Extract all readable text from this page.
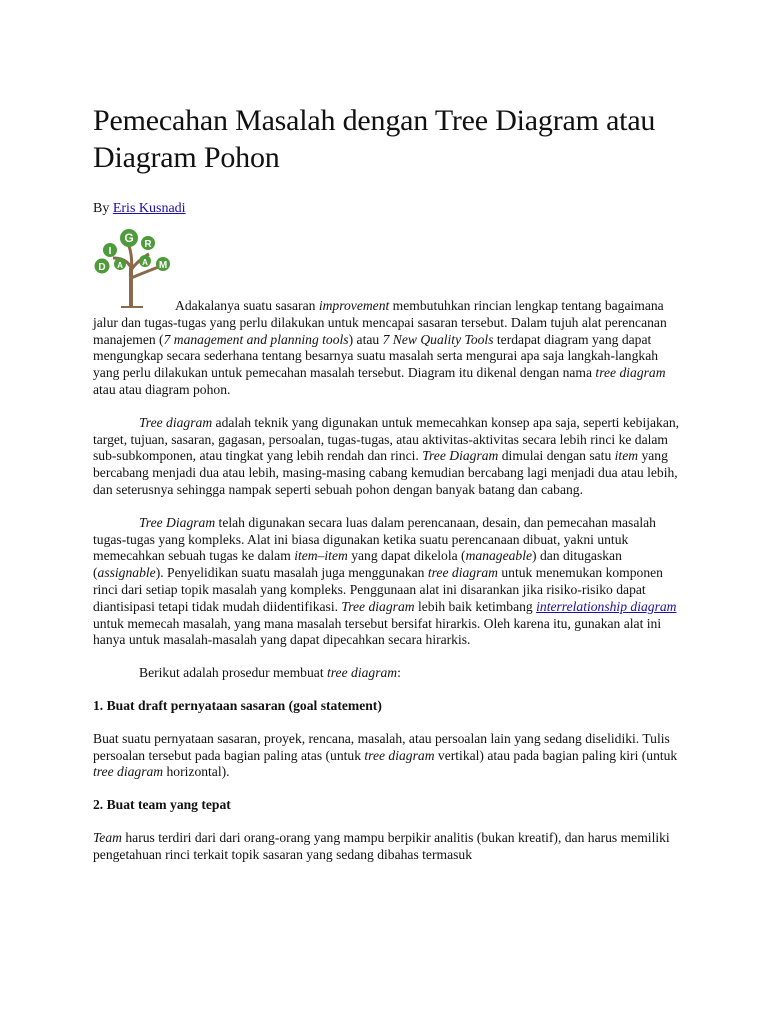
Pemecahan Masalah dengan Tree Diagram atau Diagram Pohon
By Eris Kusnadi
G R
I
D A A M
Adakalanya suatu sasaran improvement membutuhkan rincian lengkap tentang bagaimana jalur dan tugas-tugas yang perlu dilakukan untuk mencapai sasaran tersebut. Dalam tujuh alat perencanan manajemen (7 management and planning tools) atau 7 New Quality Tools terdapat diagram yang dapat mengungkap secara sederhana tentang besarnya suatu masalah serta mengurai apa saja langkah-langkah yang perlu dilakukan untuk pemecahan masalah tersebut. Diagram itu dikenal dengan nama tree diagram atau atau diagram pohon.

Tree diagram adalah teknik yang digunakan untuk memecahkan konsep apa saja, seperti kebijakan, target, tujuan, sasaran, gagasan, persoalan, tugas-tugas, atau aktivitas-aktivitas secara lebih rinci ke dalam sub-subkomponen, atau tingkat yang lebih rendah dan rinci. Tree Diagram dimulai dengan satu item yang bercabang menjadi dua atau lebih, masing-masing cabang kemudian bercabang lagi menjadi dua atau lebih, dan seterusnya sehingga nampak seperti sebuah pohon dengan banyak batang dan cabang.

Tree Diagram telah digunakan secara luas dalam perencanaan, desain, dan pemecahan masalah tugas-tugas yang kompleks. Alat ini biasa digunakan ketika suatu perencanaan dibuat, yakni untuk memecahkan sebuah tugas ke dalam item–item yang dapat dikelola (manageable) dan ditugaskan (assignable). Penyelidikan suatu masalah juga menggunakan tree diagram untuk menemukan komponen rinci dari setiap topik masalah yang kompleks. Penggunaan alat ini disarankan jika risiko-risiko dapat diantisipasi tetapi tidak mudah diidentifikasi. Tree diagram lebih baik ketimbang interrelationship diagram untuk memecah masalah, yang mana masalah tersebut bersifat hirarkis. Oleh karena itu, gunakan alat ini hanya untuk masalah-masalah yang dapat dipecahkan secara hirarkis.

Berikut adalah prosedur membuat tree diagram:

1. Buat draft pernyataan sasaran (goal statement)

Buat suatu pernyataan sasaran, proyek, rencana, masalah, atau persoalan lain yang sedang diselidiki. Tulis persoalan tersebut pada bagian paling atas (untuk tree diagram vertikal) atau pada bagian paling kiri (untuk tree diagram horizontal).

2. Buat team yang tepat

Team harus terdiri dari dari orang-orang yang mampu berpikir analitis (bukan kreatif), dan harus memiliki pengetahuan rinci terkait topik sasaran yang sedang dibahas termasuk
